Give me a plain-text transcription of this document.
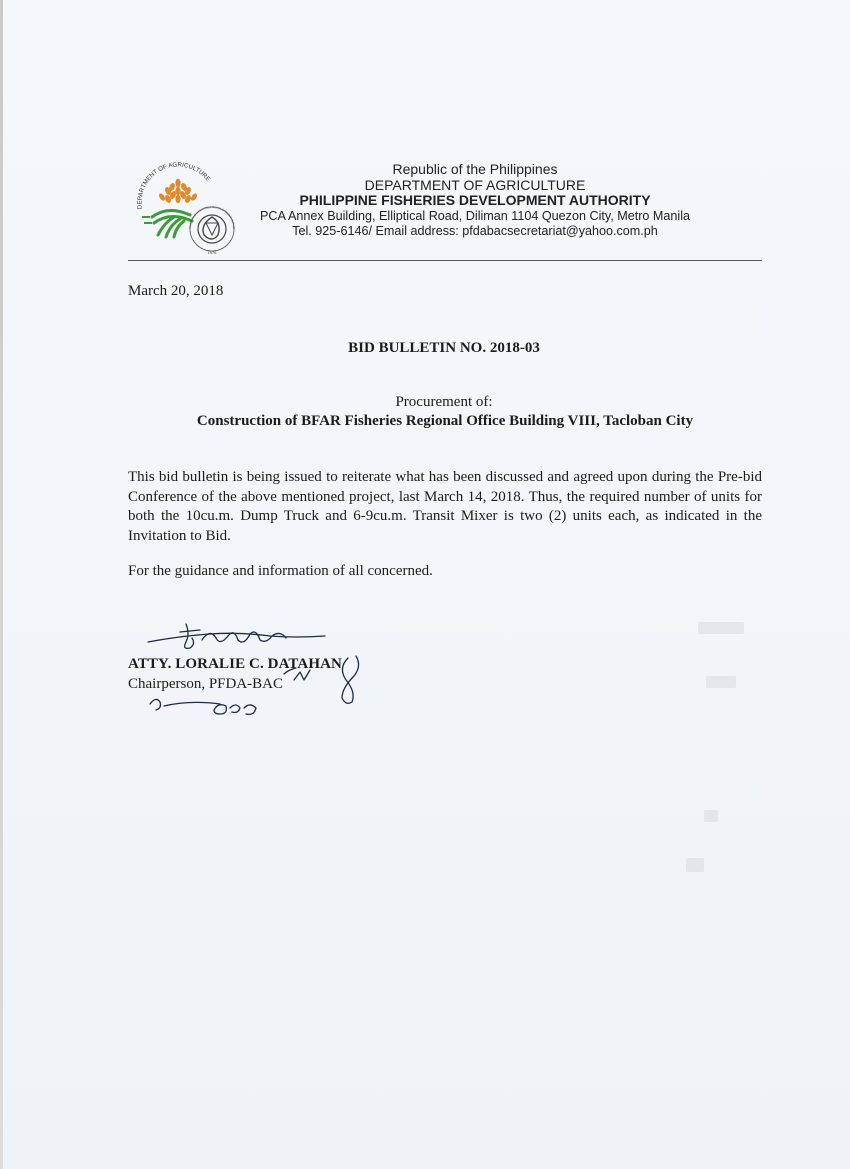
DEPARTMENT OF AGRICULTURE
1976
PHILIPPINE FISHERIES DEVELOPMENT AUTHO
Republic of the Philippines
DEPARTMENT OF AGRICULTURE
PHILIPPINE FISHERIES DEVELOPMENT AUTHORITY
PCA Annex Building, Elliptical Road, Diliman 1104 Quezon City, Metro Manila
Tel. 925-6146/ Email address: pfdabacsecretariat@yahoo.com.ph
March 20, 2018
BID BULLETIN NO. 2018-03
Procurement of:
Construction of BFAR Fisheries Regional Office Building VIII, Tacloban City

This bid bulletin is being issued to reiterate what has been discussed and agreed upon during the Pre-bid Conference of the above mentioned project, last March 14, 2018. Thus, the required number of units for both the 10cu.m. Dump Truck and 6-9cu.m. Transit Mixer is two (2) units each, as indicated in the Invitation to Bid.

For the guidance and information of all concerned.
ATTY. LORALIE C. DATAHAN
Chairperson, PFDA-BAC
